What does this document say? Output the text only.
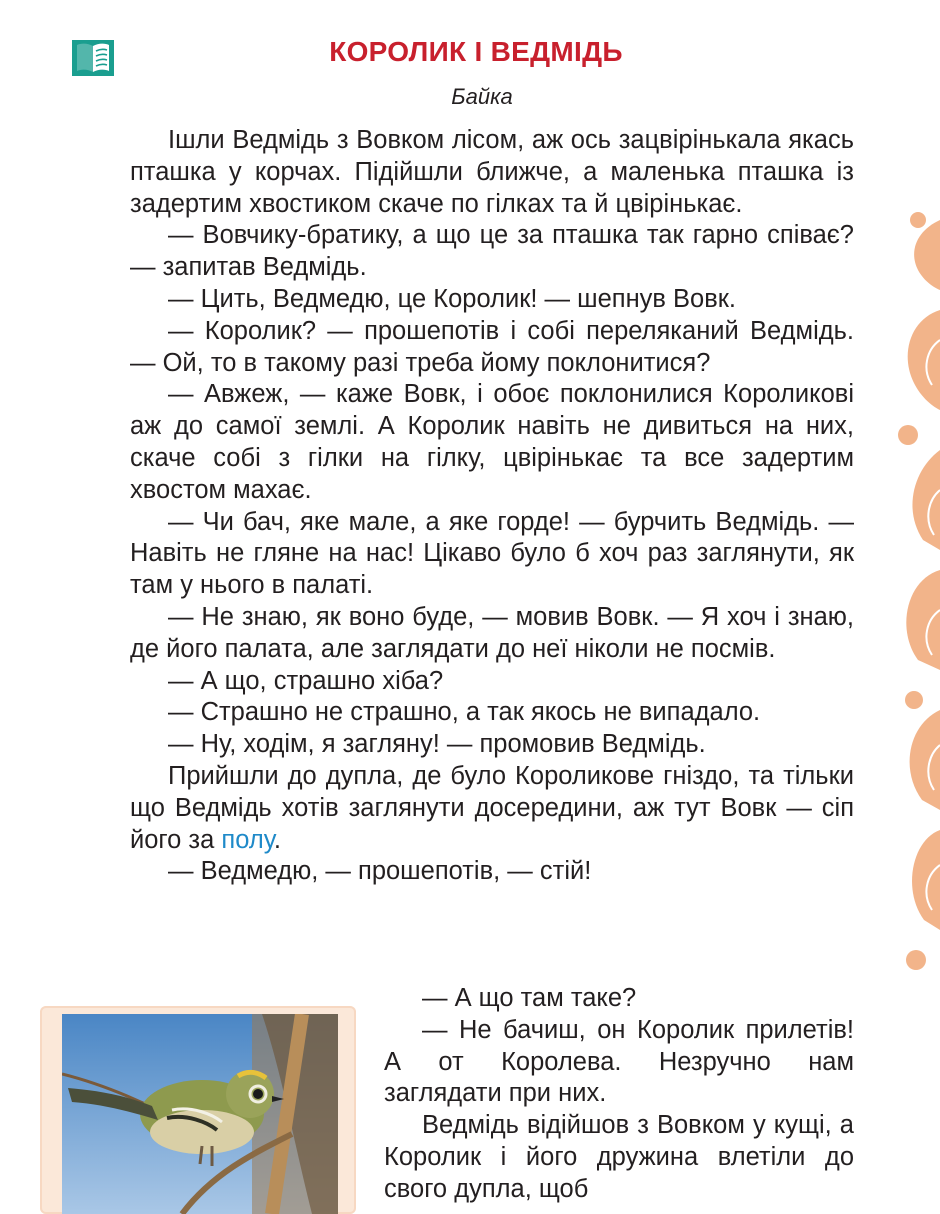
КОРОЛИК І ВЕДМІДЬ
Байка

Ішли Ведмідь з Вовком лісом, аж ось зацвірінькала якась пташка у корчах. Підійшли ближче, а маленька пташка із задертим хвостиком скаче по гілках та й цвірінькає.

— Вовчику-братику, а що це за пташка так гарно співає? — запитав Ведмідь.

— Цить, Ведмедю, це Королик! — шепнув Вовк.

— Королик? — прошепотів і собі переляканий Ведмідь. — Ой, то в такому разі треба йому поклонитися?

— Авжеж, — каже Вовк, і обоє поклонилися Короликові аж до самої землі. А Королик навіть не дивиться на них, скаче собі з гілки на гілку, цвірінькає та все задертим хвостом махає.

— Чи бач, яке мале, а яке горде! — бурчить Ведмідь. — Навіть не гляне на нас! Цікаво було б хоч раз заглянути, як там у нього в палаті.

— Не знаю, як воно буде, — мовив Вовк. — Я хоч і знаю, де його палата, але заглядати до неї ніколи не посмів.

— А що, страшно хіба?

— Страшно не страшно, а так якось не випадало.

— Ну, ходім, я загляну! — промовив Ведмідь.

Прийшли до дупла, де було Короликове гніздо, та тільки що Ведмідь хотів заглянути досередини, аж тут Вовк — сіп його за полу.

— Ведмедю, — прошепотів, — стій!

— А що там таке?

— Не бачиш, он Королик прилетів! А от Королева. Незручно нам заглядати при них.

Ведмідь відійшов з Вовком у кущі, а Королик і його дружина влетіли до свого дупла, щоб
